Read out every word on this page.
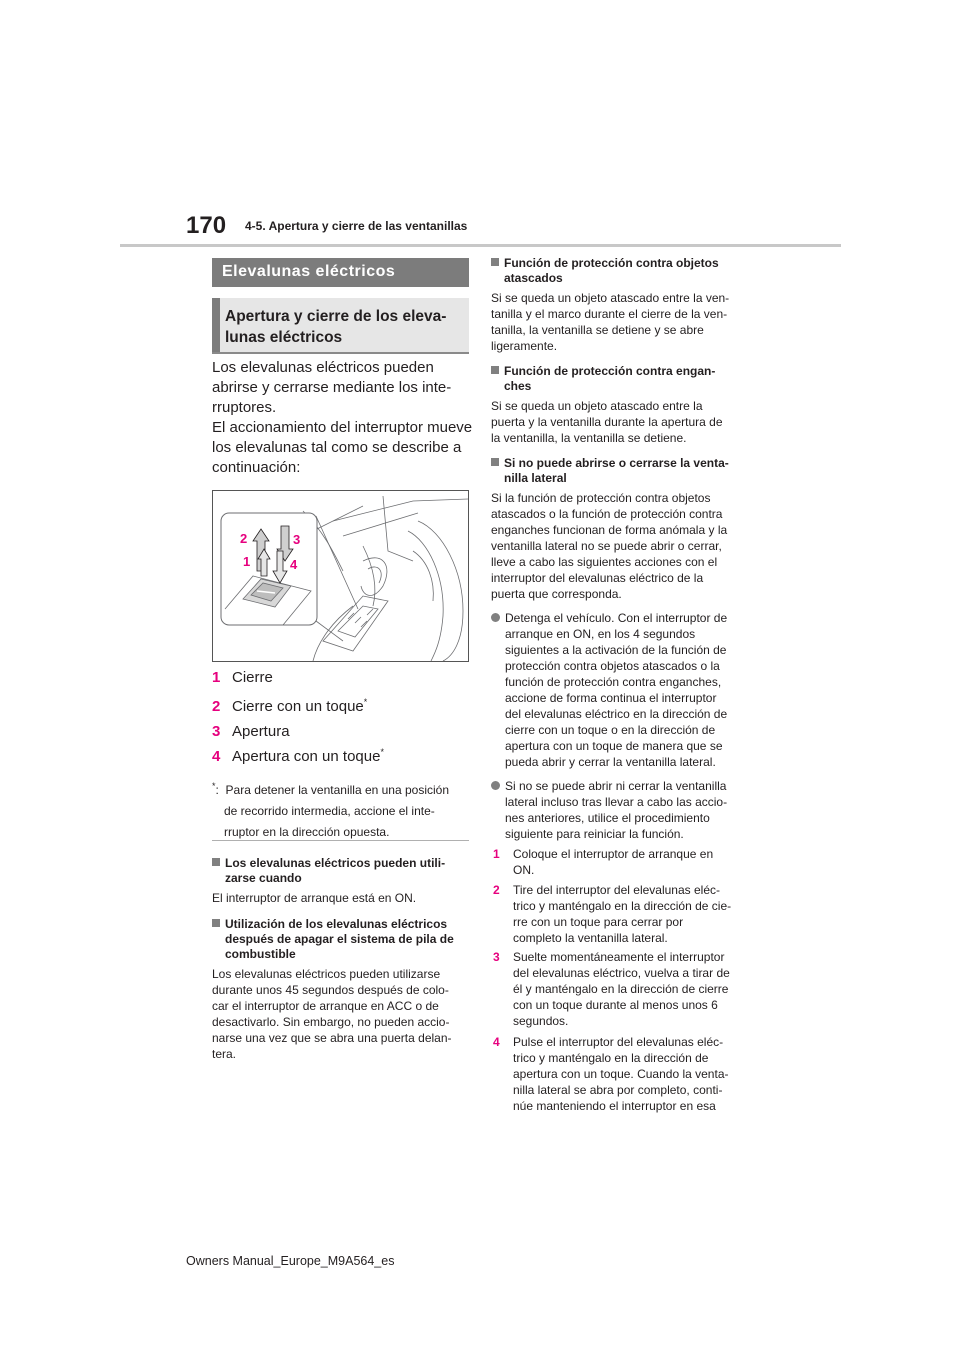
170 4-5. Apertura y cierre de las ventanillas
Elevalunas eléctricos
Apertura y cierre de los eleva-
lunas eléctricos

Los elevalunas eléctricos pueden

abrirse y cerrarse mediante los inte-

rruptores.

El accionamiento del interruptor mueve

los elevalunas tal como se describe a

continuación:

2	3
1	4
1 Cierre
2 Cierre con un toque*
3 Apertura
4 Apertura con un toque*
*: Para detener la ventanilla en una posición
de recorrido intermedia, accione el inte-
rruptor en la dirección opuesta.
Los elevalunas eléctricos pueden utili-
zarse cuando
El interruptor de arranque está en ON.
Utilización de los elevalunas eléctricos
después de apagar el sistema de pila de
combustible
Los elevalunas eléctricos pueden utilizarse
durante unos 45 segundos después de colo-
car el interruptor de arranque en ACC o de
desactivarlo. Sin embargo, no pueden accio-
narse una vez que se abra una puerta delan-
tera.
Función de protección contra objetos
atascados
Si se queda un objeto atascado entre la ven-
tanilla y el marco durante el cierre de la ven-
tanilla, la ventanilla se detiene y se abre
ligeramente.
Función de protección contra engan-
ches
Si se queda un objeto atascado entre la
puerta y la ventanilla durante la apertura de
la ventanilla, la ventanilla se detiene.
Si no puede abrirse o cerrarse la venta-
nilla lateral
Si la función de protección contra objetos
atascados o la función de protección contra
enganches funcionan de forma anómala y la
ventanilla lateral no se puede abrir o cerrar,
lleve a cabo las siguientes acciones con el
interruptor del elevalunas eléctrico de la
puerta que corresponda.
Detenga el vehículo. Con el interruptor de
arranque en ON, en los 4 segundos
siguientes a la activación de la función de
protección contra objetos atascados o la
función de protección contra enganches,
accione de forma continua el interruptor
del elevalunas eléctrico en la dirección de
cierre con un toque o en la dirección de
apertura con un toque de manera que se
pueda abrir y cerrar la ventanilla lateral.
Si no se puede abrir ni cerrar la ventanilla
lateral incluso tras llevar a cabo las accio-
nes anteriores, utilice el procedimiento
siguiente para reiniciar la función.
1 Coloque el interruptor de arranque en
ON.
2 Tire del interruptor del elevalunas eléc-
trico y manténgalo en la dirección de cie-
rre con un toque para cerrar por
completo la ventanilla lateral.
3 Suelte momentáneamente el interruptor
del elevalunas eléctrico, vuelva a tirar de
él y manténgalo en la dirección de cierre
con un toque durante al menos unos 6
segundos.
4 Pulse el interruptor del elevalunas eléc-
trico y manténgalo en la dirección de
apertura con un toque. Cuando la venta-
nilla lateral se abra por completo, conti-
núe manteniendo el interruptor en esa
Owners Manual_Europe_M9A564_es
